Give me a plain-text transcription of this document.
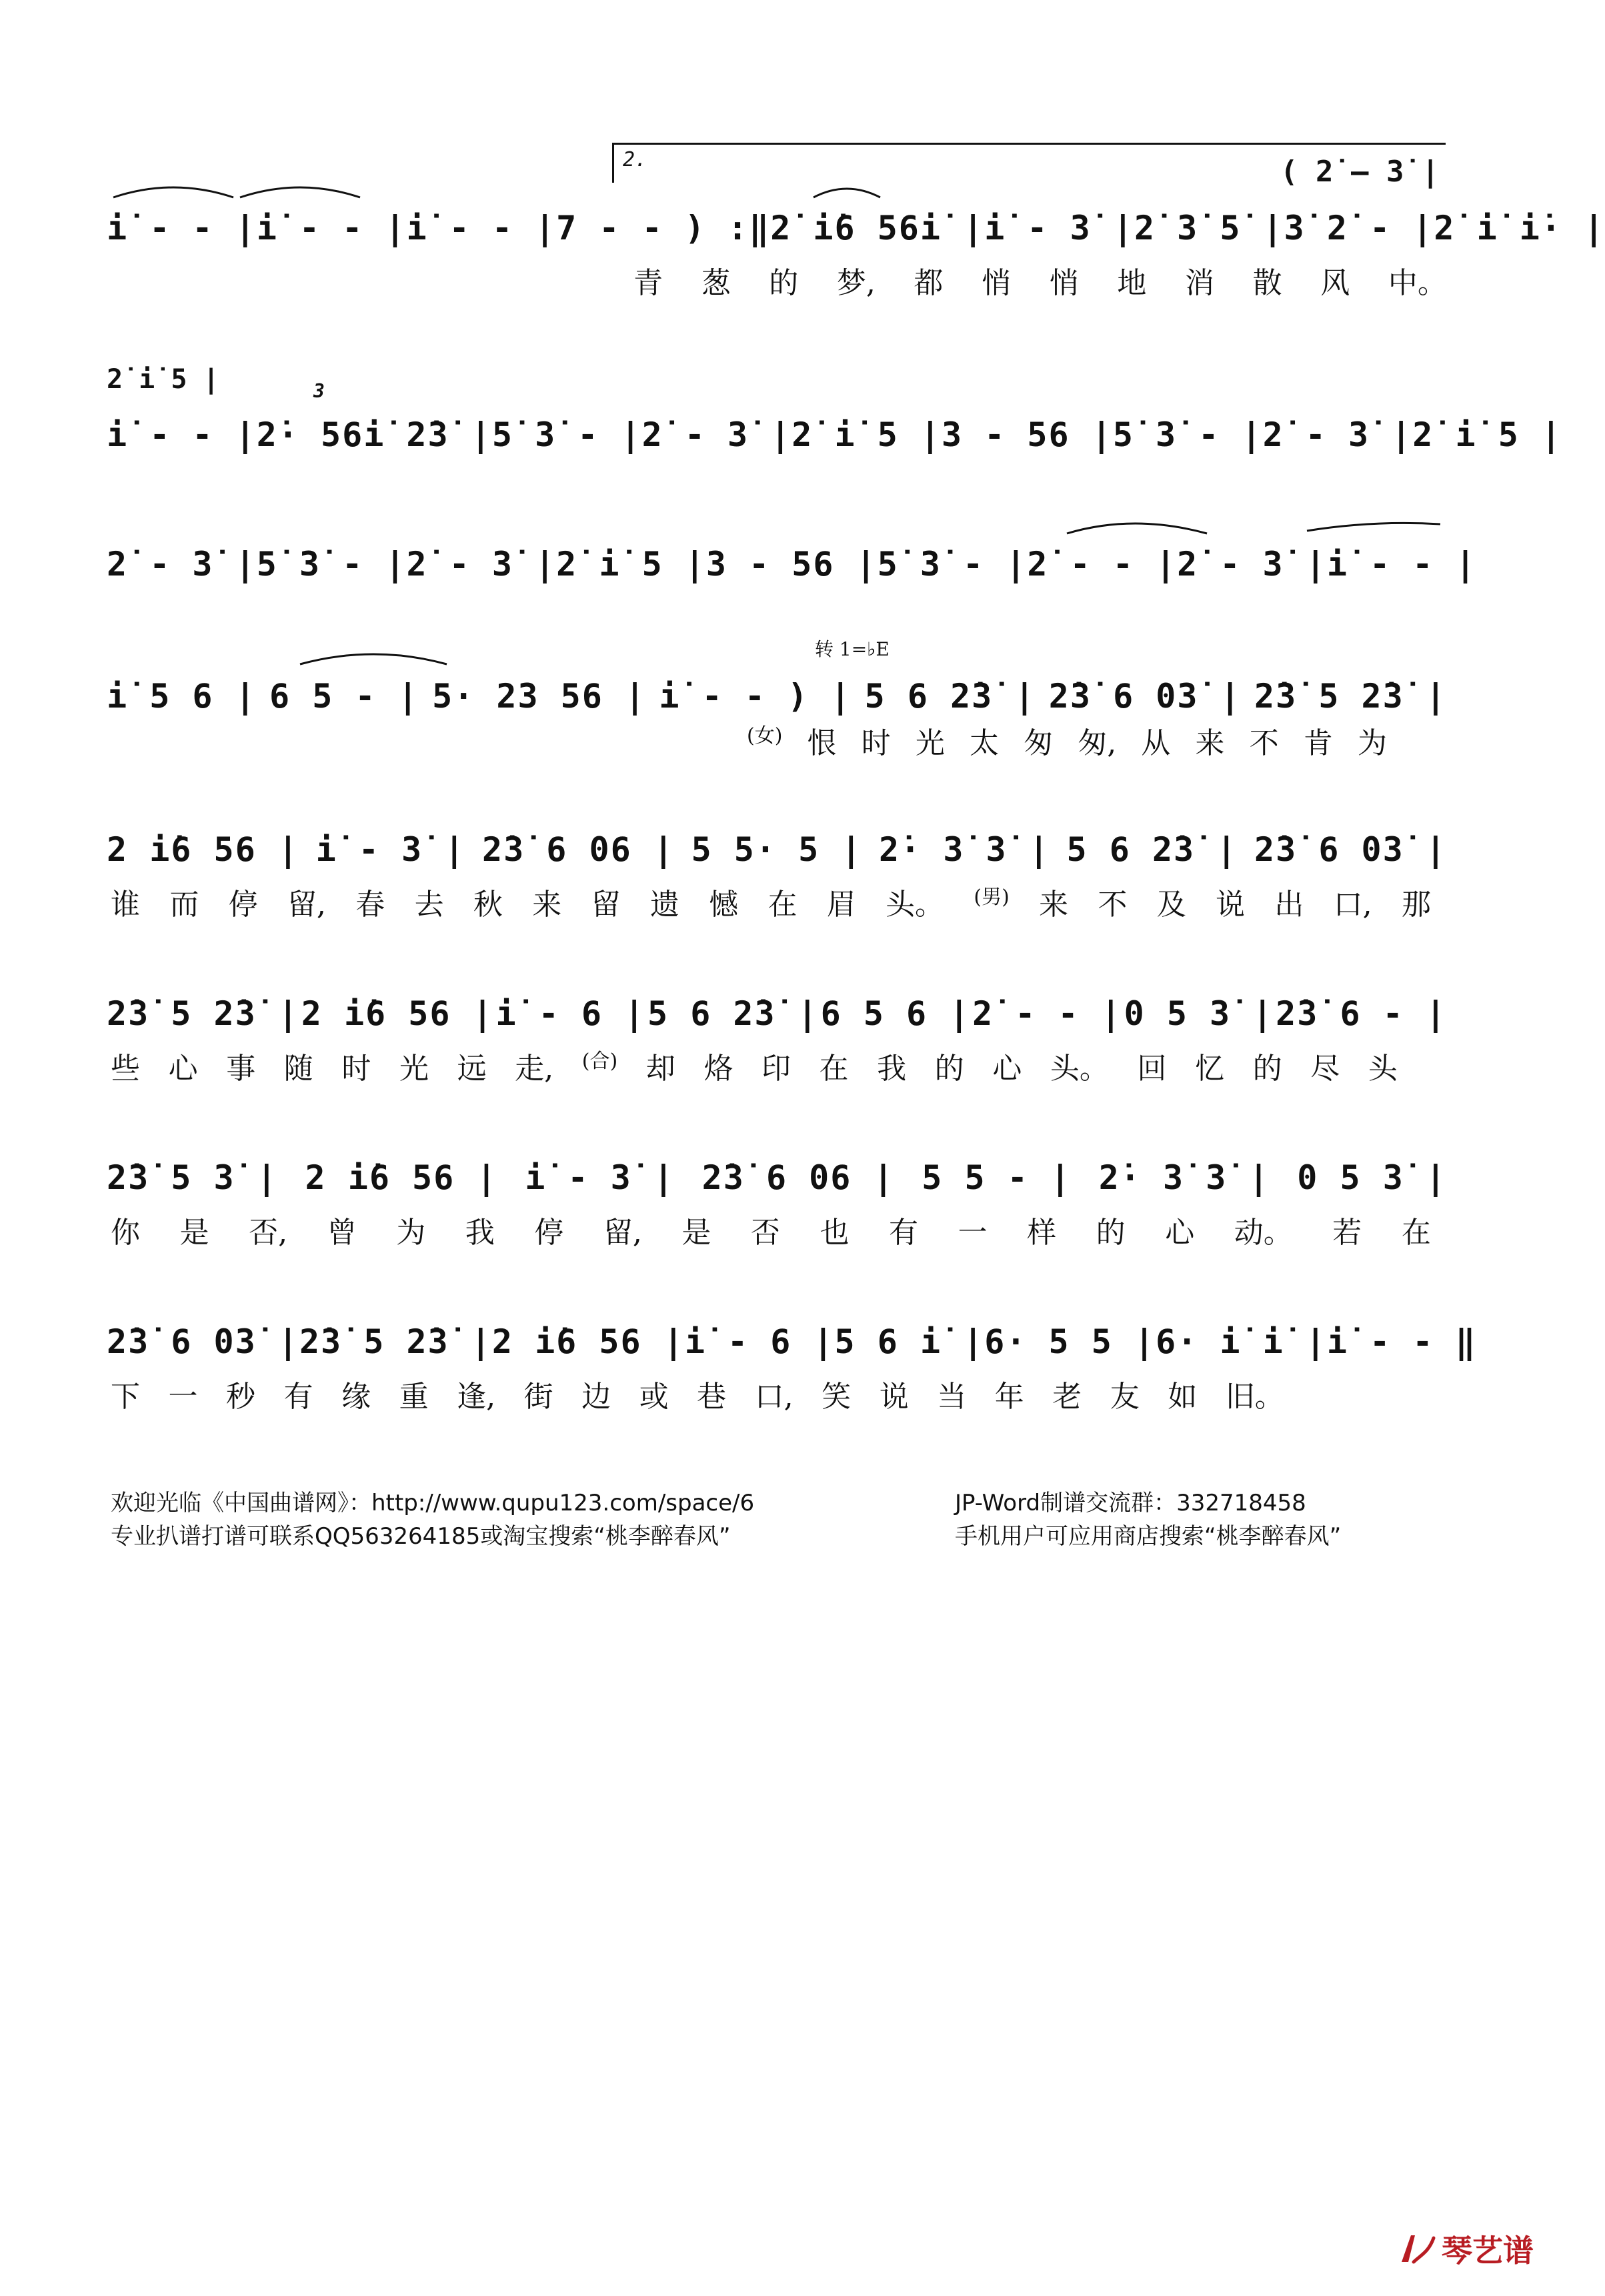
2.	( 2̇ – 3̇ |
i̇ - - | i̇ - - | i̇ - - | 7 - - ) :‖ 2̇ i̇6 56i̇ | i̇ - 3̇ | 2̇ 3̇ 5̇ | 3̇ 2̇ - | 2̇ i̇ i̇· |
青 葱 的 梦, 都 悄 悄 地 消 散 风 中。
2̇ i̇ 5 |	3
i̇ - - | 2̇· 56i̇ 2̇3̇ | 5̇ 3̇ - | 2̇ - 3̇ | 2̇ i̇ 5 | 3 - 56 | 5̇ 3̇ - | 2̇ - 3̇ | 2̇ i̇ 5 |
2̇ - 3̇ | 5̇ 3̇ - | 2̇ - 3̇ | 2̇ i̇ 5 | 3 - 56 | 5̇ 3̇ - | 2̇ - - | 2̇ - 3̇ | i̇ - - |
转 1=♭E
i̇ 5 6 | 6 5 - | 5· 23 56 | i̇ - - ) | 5 6 2̇3̇ | 2̇3̇ 6 03̇ | 2̇3̇ 5 2̇3̇ |
(女) 恨 时 光 太 匆 匆, 从 来 不 肯 为
2 i̇6 56 | i̇ - 3̇ | 2̇3̇ 6 06 | 5 5· 5 | 2̇· 3̇ 3̇ | 5 6 2̇3̇ | 2̇3̇ 6 03̇ |
谁 而 停 留, 春 去 秋 来 留 遗 憾 在 眉 头。 (男) 来 不 及 说 出 口, 那
2̇3̇ 5 2̇3̇ | 2 i̇6 56 | i̇ - 6 | 5 6 2̇3̇ | 6 5 6 | 2̇ - - | 0 5 3̇ | 2̇3̇ 6 - |
些 心 事 随 时 光 远 走, (合) 却 烙 印 在 我 的 心 头。 回 忆 的 尽 头
2̇3̇ 5 3̇ | 2 i̇6 56 | i̇ - 3̇ | 2̇3̇ 6 06 | 5 5 - | 2̇· 3̇ 3̇ | 0 5 3̇ |
你 是 否, 曾 为 我 停 留, 是 否 也 有 一 样 的 心 动。 若 在
2̇3̇ 6 03̇ | 2̇3̇ 5 2̇3̇ | 2 i̇6 56 | i̇ - 6 | 5 6 i̇ | 6· 5 5 | 6· i̇ i̇ | i̇ - - ‖
下 一 秒 有 缘 重 逢, 街 边 或 巷 口, 笑 说 当 年 老 友 如 旧。
欢迎光临《中国曲谱网》：http://www.qupu123.com/space/6
专业扒谱打谱可联系QQ563264185或淘宝搜索“桃李醉春风”
JP-Word制谱交流群：332718458
手机用户可应用商店搜索“桃李醉春风”
琴艺谱
